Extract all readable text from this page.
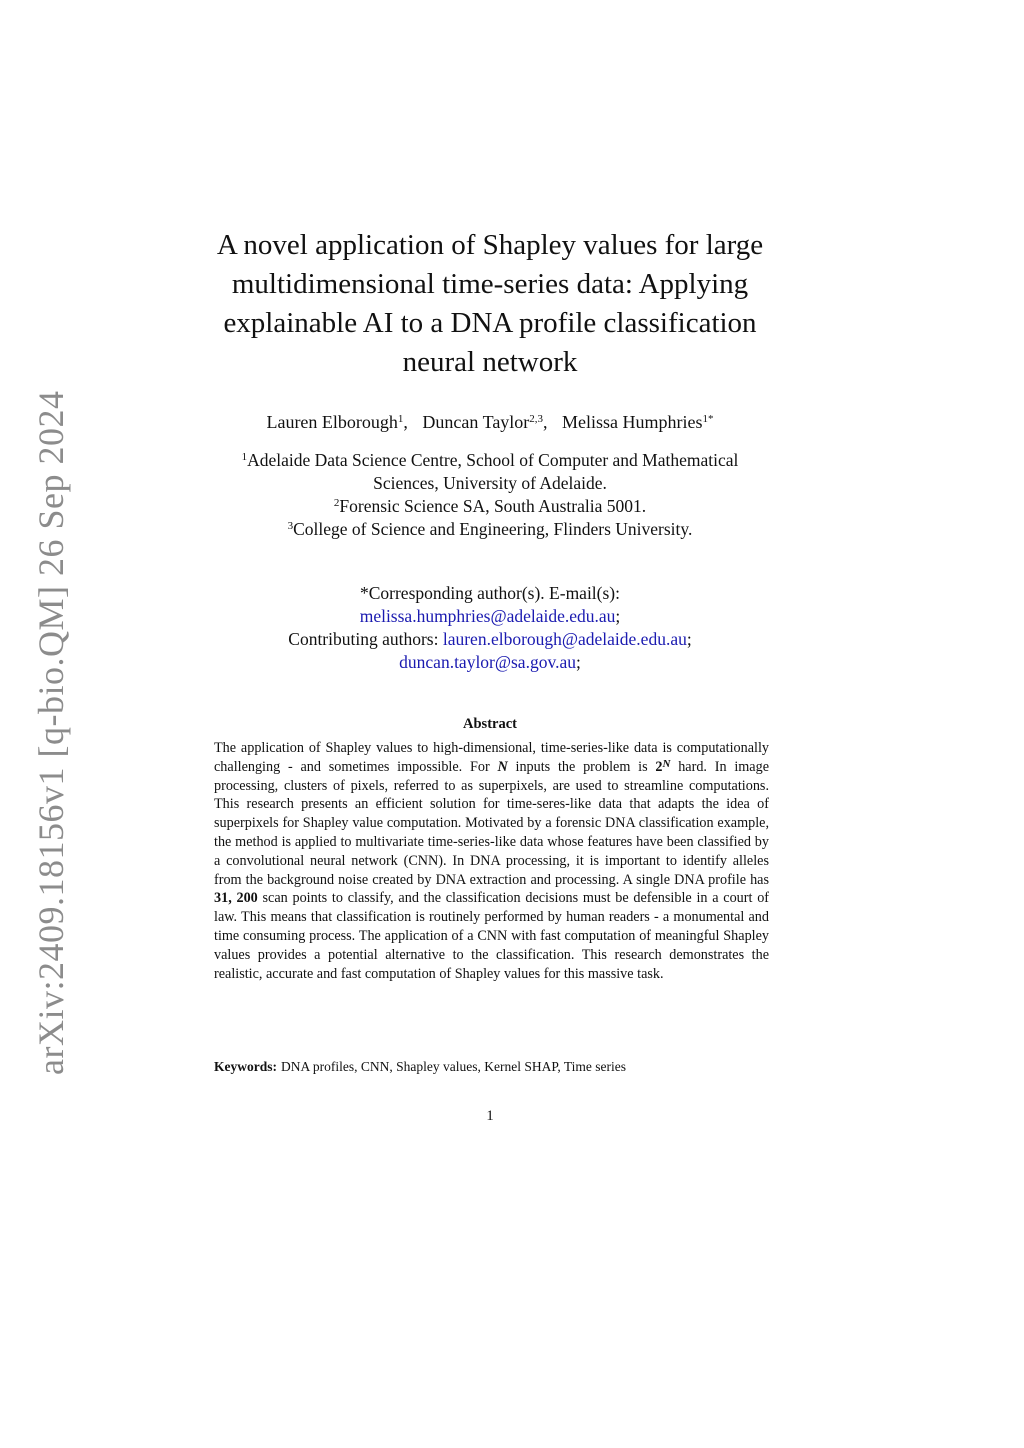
arXiv:2409.18156v1 [q-bio.QM] 26 Sep 2024
A novel application of Shapley values for large
multidimensional time-series data: Applying
explainable AI to a DNA profile classification
neural network
Lauren Elborough$^1$, Duncan Taylor$^{2,3}$, Melissa Humphries$^{1*}$
$^1$Adelaide Data Science Centre, School of Computer and Mathematical
Sciences, University of Adelaide.
$^2$Forensic Science SA, South Australia 5001.
$^3$College of Science and Engineering, Flinders University.
*Corresponding author(s). E-mail(s):
melissa.humphries@adelaide.edu.au;
Contributing authors: lauren.elborough@adelaide.edu.au;
duncan.taylor@sa.gov.au;
Abstract

The application of Shapley values to high-dimensional, time-series-like data is computationally challenging - and sometimes impossible. For N inputs the problem is $2^N$ hard. In image processing, clusters of pixels, referred to as superpixels, are used to streamline computations. This research presents an efficient solution for time-seres-like data that adapts the idea of superpixels for Shapley value computation. Motivated by a forensic DNA classification example, the method is applied to multivariate time-series-like data whose features have been classified by a convolutional neural network (CNN). In DNA processing, it is important to identify alleles from the background noise created by DNA extraction and processing. A single DNA profile has 31, 200 scan points to classify, and the classification decisions must be defensible in a court of law. This means that classification is routinely performed by human readers - a monumental and time consuming process. The application of a CNN with fast computation of meaningful Shapley values provides a potential alternative to the classification. This research demonstrates the realistic, accurate and fast computation of Shapley values for this massive task.

Keywords: DNA profiles, CNN, Shapley values, Kernel SHAP, Time series

1
